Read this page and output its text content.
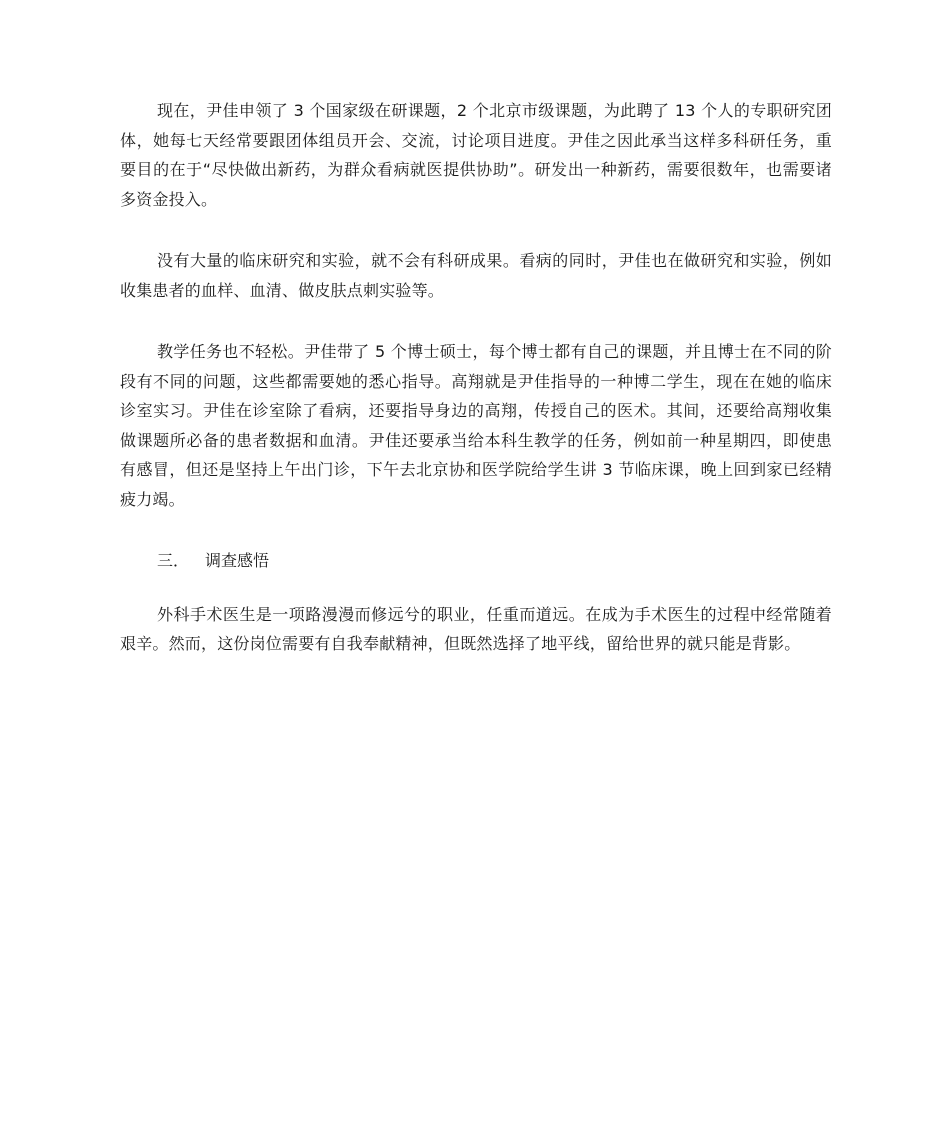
现在，尹佳申领了 3 个国家级在研课题，2 个北京市级课题，为此聘了 13 个人的专职研究团体，她每七天经常要跟团体组员开会、交流，讨论项目进度。尹佳之因此承当这样多科研任务，重要目的在于“尽快做出新药，为群众看病就医提供协助”。研发出一种新药，需要很数年，也需要诸多资金投入。

没有大量的临床研究和实验，就不会有科研成果。看病的同时，尹佳也在做研究和实验，例如收集患者的血样、血清、做皮肤点刺实验等。

教学任务也不轻松。尹佳带了 5 个博士硕士，每个博士都有自己的课题，并且博士在不同的阶段有不同的问题，这些都需要她的悉心指导。高翔就是尹佳指导的一种博二学生，现在在她的临床诊室实习。尹佳在诊室除了看病，还要指导身边的高翔，传授自己的医术。其间，还要给高翔收集做课题所必备的患者数据和血清。尹佳还要承当给本科生教学的任务，例如前一种星期四，即使患有感冒，但还是坚持上午出门诊，下午去北京协和医学院给学生讲 3 节临床课，晚上回到家已经精疲力竭。

三． 调查感悟

外科手术医生是一项路漫漫而修远兮的职业，任重而道远。在成为手术医生的过程中经常随着艰辛。然而，这份岗位需要有自我奉献精神，但既然选择了地平线，留给世界的就只能是背影。
